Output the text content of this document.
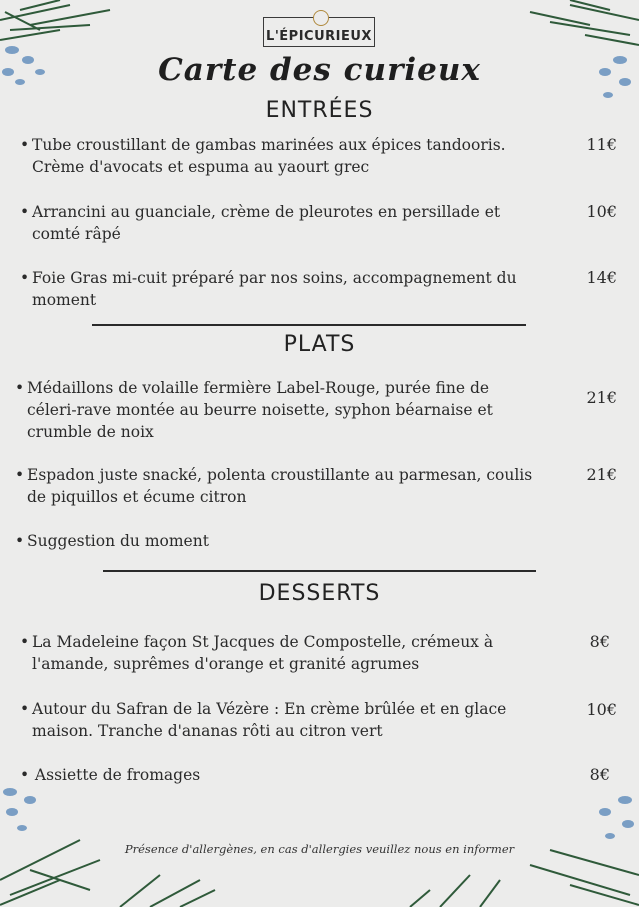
L'ÉPICURIEUX
Carte des curieux
ENTRÉES
• Tube croustillant de gambas marinées aux épices tandooris.
Crème d'avocats et espuma au yaourt grec
11€
• Arrancini au guanciale, crème de pleurotes en persillade et
comté râpé
10€
• Foie Gras mi-cuit préparé par nos soins, accompagnement du
moment
14€
PLATS
• Médaillons de volaille fermière Label-Rouge, purée fine de
céleri-rave montée au beurre noisette, syphon béarnaise et
crumble de noix
21€
• Espadon juste snacké, polenta croustillante au parmesan, coulis
de piquillos et écume citron
21€
• Suggestion du moment
DESSERTS
• La Madeleine façon St Jacques de Compostelle, crémeux à
l'amande, suprêmes d'orange et granité agrumes
8€
• Autour du Safran de la Vézère : En crème brûlée et en glace
maison. Tranche d'ananas rôti au citron vert
10€
• Assiette de fromages	8€
Présence d'allergènes, en cas d'allergies veuillez nous en informer
